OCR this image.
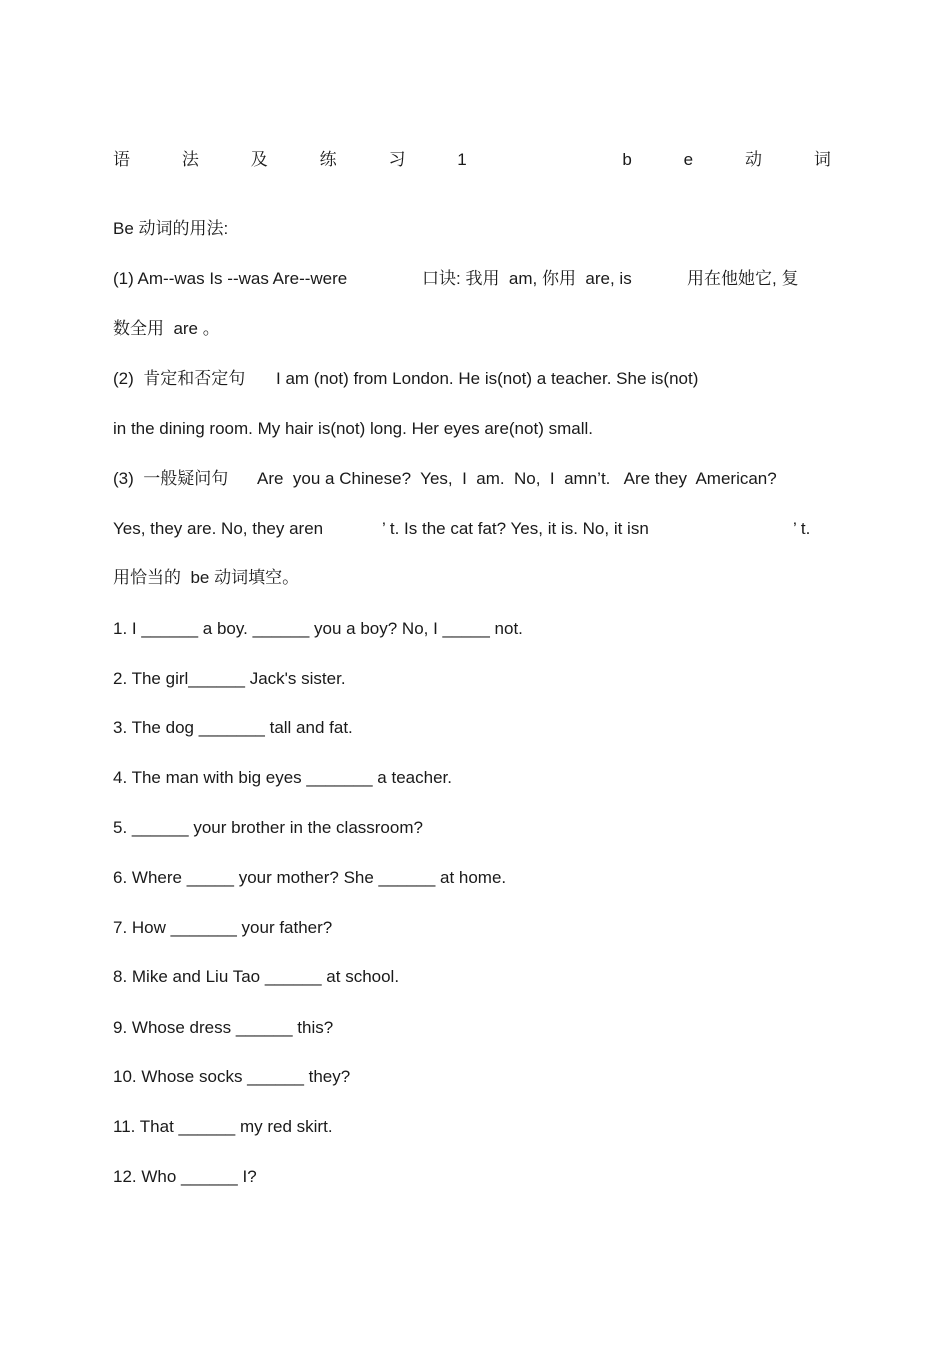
语	法	及	练	习	1	b	e	动	词
Be 动词的用法:
(1) Am--was Is --was Are--were	口诀: 我用  am, 你用  are, is	用在他她它, 复
数全用  are 。
(2)  肯定和否定句 I am (not) from London. He is(not) a teacher. She is(not)
in the dining room. My hair is(not) long. Her eyes are(not) small.
(3)  一般疑问句 Are  you a Chinese?  Yes,  I  am.  No,  I  amn’t.   Are they  American?
Yes, they are. No, they aren	’ t. Is the cat fat? Yes, it is. No, it isn	’ t.
用恰当的  be 动词填空。
1. I ______ a boy. ______ you a boy? No, I _____ not.
2. The girl______ Jack's sister.
3. The dog _______ tall and fat.
4. The man with big eyes _______ a teacher.
5. ______ your brother in the classroom?
6. Where _____ your mother? She ______ at home.
7. How _______ your father?
8. Mike and Liu Tao ______ at school.
9. Whose dress ______ this?
10. Whose socks ______ they?
11. That ______ my red skirt.
12. Who ______ I?
